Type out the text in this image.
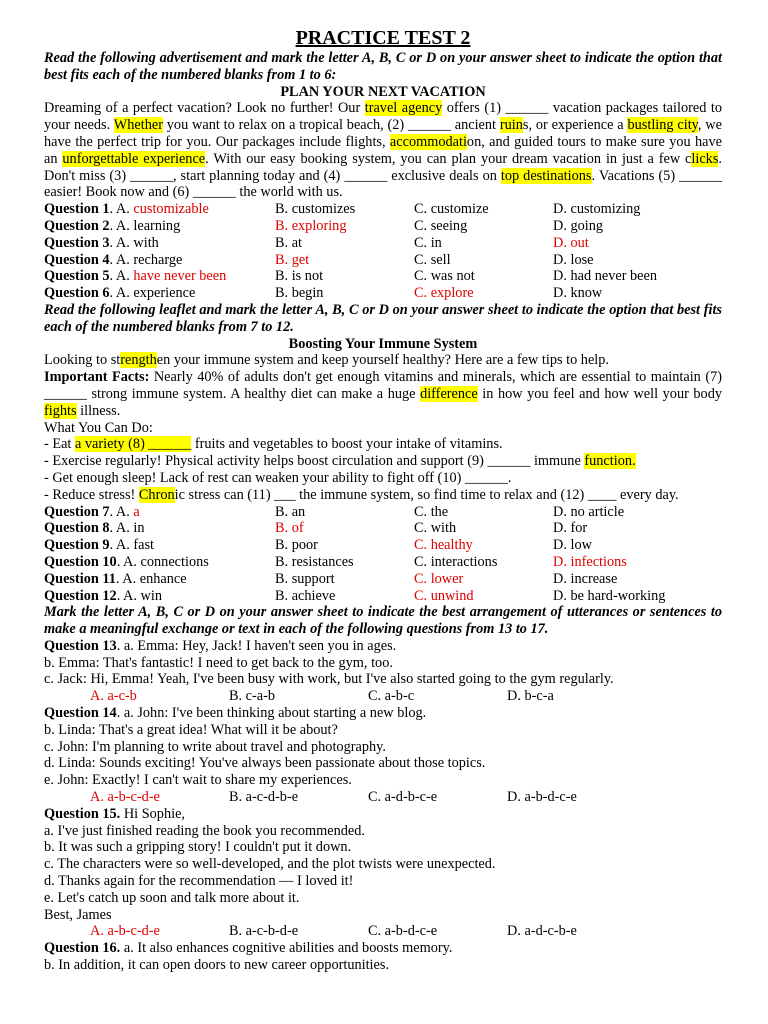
PRACTICE TEST 2
Read the following advertisement and mark the letter A, B, C or D on your answer sheet to indicate the option that best fits each of the numbered blanks from 1 to 6:
PLAN YOUR NEXT VACATION
Dreaming of a perfect vacation? Look no further! Our travel agency offers (1) ______ vacation packages tailored to your needs. Whether you want to relax on a tropical beach, (2) ______ ancient ruins, or experience a bustling city, we have the perfect trip for you. Our packages include flights, accommodation, and guided tours to make sure you have an unforgettable experience. With our easy booking system, you can plan your dream vacation in just a few clicks. Don't miss (3) ______, start planning today and (4) ______ exclusive deals on top destinations. Vacations (5) ______ easier! Book now and (6) ______ the world with us.
Question 1. A. customizable	B. customizes	C. customize	D. customizing
Question 2. A. learning	B. exploring	C. seeing	D. going
Question 3. A. with	B. at	C. in	D. out
Question 4. A. recharge	B. get	C. sell	D. lose
Question 5. A. have never been	B. is not	C. was not	D. had never been
Question 6. A. experience	B. begin	C. explore	D. know
Read the following leaflet and mark the letter A, B, C or D on your answer sheet to indicate the option that best fits each of the numbered blanks from 7 to 12.
Boosting Your Immune System
Looking to strengthen your immune system and keep yourself healthy? Here are a few tips to help.
Important Facts: Nearly 40% of adults don't get enough vitamins and minerals, which are essential to maintain (7) ______ strong immune system. A healthy diet can make a huge difference in how you feel and how well your body fights illness.
What You Can Do:
- Eat a variety (8) ______ fruits and vegetables to boost your intake of vitamins.
- Exercise regularly! Physical activity helps boost circulation and support (9) ______ immune function.
- Get enough sleep! Lack of rest can weaken your ability to fight off (10) ______.
- Reduce stress! Chronic stress can (11) ___ the immune system, so find time to relax and (12) ____ every day.
Question 7. A. a	B. an	C. the	D. no article
Question 8. A. in	B. of	C. with	D. for
Question 9. A. fast	B. poor	C. healthy	D. low
Question 10. A. connections	B. resistances	C. interactions	D. infections
Question 11. A. enhance	B. support	C. lower	D. increase
Question 12. A. win	B. achieve	C. unwind	D. be hard-working
Mark the letter A, B, C or D on your answer sheet to indicate the best arrangement of utterances or sentences to make a meaningful exchange or text in each of the following questions from 13 to 17.
Question 13. a. Emma: Hey, Jack! I haven't seen you in ages.
b. Emma: That's fantastic! I need to get back to the gym, too.
c. Jack: Hi, Emma! Yeah, I've been busy with work, but I've also started going to the gym regularly.
A. a-c-b	B. c-a-b	C. a-b-c	D. b-c-a
Question 14. a. John: I've been thinking about starting a new blog.
b. Linda: That's a great idea! What will it be about?
c. John: I'm planning to write about travel and photography.
d. Linda: Sounds exciting! You've always been passionate about those topics.
e. John: Exactly! I can't wait to share my experiences.
A. a-b-c-d-e	B. a-c-d-b-e	C. a-d-b-c-e	D. a-b-d-c-e
Question 15. Hi Sophie,
a. I've just finished reading the book you recommended.
b. It was such a gripping story! I couldn't put it down.
c. The characters were so well-developed, and the plot twists were unexpected.
d. Thanks again for the recommendation — I loved it!
e. Let's catch up soon and talk more about it.
Best, James
A. a-b-c-d-e	B. a-c-b-d-e	C. a-b-d-c-e	D. a-d-c-b-e
Question 16. a. It also enhances cognitive abilities and boosts memory.
b. In addition, it can open doors to new career opportunities.
